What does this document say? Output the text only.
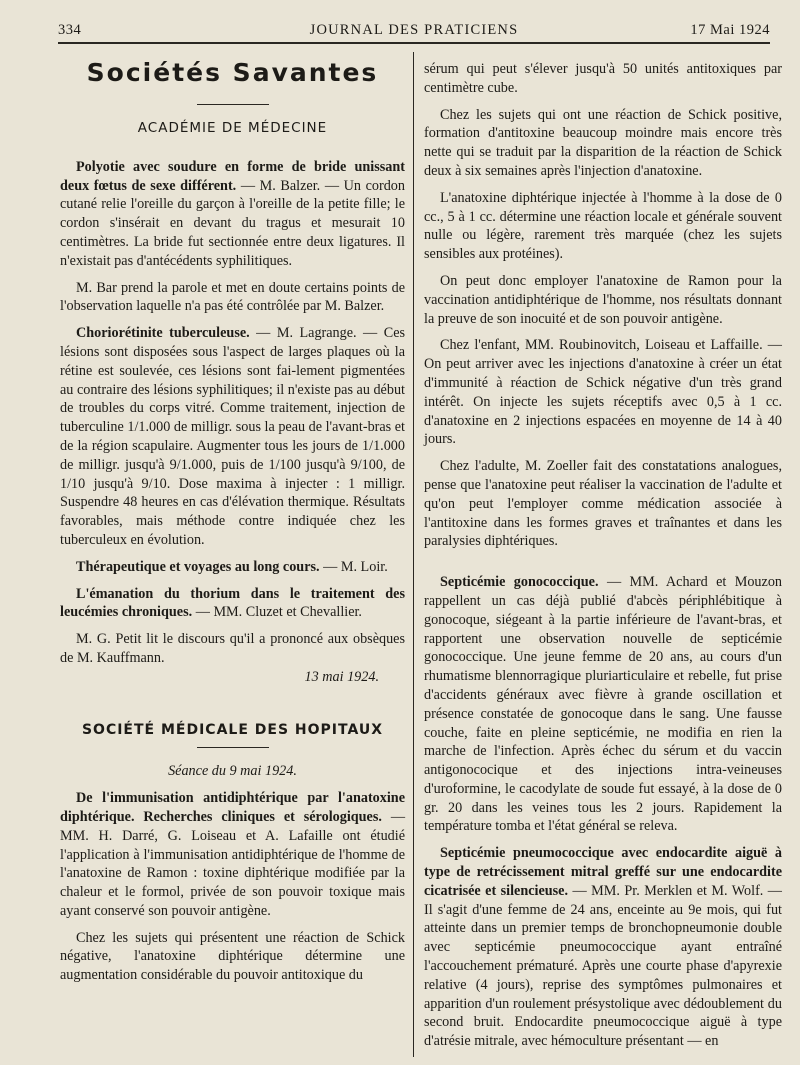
334	JOURNAL DES PRATICIENS	17 Mai 1924
Sociétés Savantes
ACADÉMIE DE MÉDECINE

Polyotie avec soudure en forme de bride unissant deux fœtus de sexe différent. — M. Balzer. — Un cordon cutané relie l'oreille du garçon à l'oreille de la petite fille; le cordon s'insérait en devant du tragus et mesurait 10 centimètres. La bride fut sectionnée entre deux ligatures. Il n'existait pas d'antécédents syphilitiques.

M. Bar prend la parole et met en doute certains points de l'observation laquelle n'a pas été contrôlée par M. Balzer.

Choriorétinite tuberculeuse. — M. Lagrange. — Ces lésions sont disposées sous l'aspect de larges plaques où la rétine est soulevée, ces lésions sont fai-lement pigmentées au contraire des lésions syphilitiques; il n'existe pas au début de troubles du corps vitré. Comme traitement, injection de tuberculine 1/1.000 de milligr. sous la peau de l'avant-bras et de la région scapulaire. Augmenter tous les jours de 1/1.000 de milligr. jusqu'à 9/1.000, puis de 1/100 jusqu'à 9/100, de 1/10 jusqu'à 9/10. Dose maxima à injecter : 1 milligr. Suspendre 48 heures en cas d'élévation thermique. Résultats favorables, mais méthode contre indiquée chez les tuberculeux en évolution.

Thérapeutique et voyages au long cours. — M. Loir.

L'émanation du thorium dans le traitement des leucémies chroniques. — MM. Cluzet et Chevallier.

M. G. Petit lit le discours qu'il a prononcé aux obsèques de M. Kauffmann.

13 mai 1924.
SOCIÉTÉ MÉDICALE DES HOPITAUX
Séance du 9 mai 1924.

De l'immunisation antidiphtérique par l'anatoxine diphtérique. Recherches cliniques et sérologiques. — MM. H. Darré, G. Loiseau et A. Lafaille ont étudié l'application à l'immunisation antidiphtérique de l'homme de l'anatoxine de Ramon : toxine diphtérique modifiée par la chaleur et le formol, privée de son pouvoir toxique mais ayant conservé son pouvoir antigène.

Chez les sujets qui présentent une réaction de Schick négative, l'anatoxine diphtérique détermine une augmentation considérable du pouvoir antitoxique du

sérum qui peut s'élever jusqu'à 50 unités antitoxiques par centimètre cube.

Chez les sujets qui ont une réaction de Schick positive, formation d'antitoxine beaucoup moindre mais encore très nette qui se traduit par la disparition de la réaction de Schick deux à six semaines après l'injection d'anatoxine.

L'anatoxine diphtérique injectée à l'homme à la dose de 0 cc., 5 à 1 cc. détermine une réaction locale et générale souvent nulle ou légère, rarement très marquée (chez les sujets sensibles aux protéines).

On peut donc employer l'anatoxine de Ramon pour la vaccination antidiphtérique de l'homme, nos résultats donnant la preuve de son inocuité et de son pouvoir antigène.

Chez l'enfant, MM. Roubinovitch, Loiseau et Laffaille. — On peut arriver avec les injections d'anatoxine à créer un état d'immunité à réaction de Schick négative d'un très grand intérêt. On injecte les sujets réceptifs avec 0,5 à 1 cc. d'anatoxine en 2 injections espacées en moyenne de 14 à 40 jours.

Chez l'adulte, M. Zoeller fait des constatations analogues, pense que l'anatoxine peut réaliser la vaccination de l'adulte et qu'on peut l'employer comme médication associée à l'antitoxine dans les formes graves et traînantes et dans les paralysies diphtériques.

Septicémie gonococcique. — MM. Achard et Mouzon rappellent un cas déjà publié d'abcès périphlébitique à gonocoque, siégeant à la partie inférieure de l'avant-bras, et rapportent une observation nouvelle de septicémie gonococcique. Une jeune femme de 20 ans, au cours d'un rhumatisme blennorragique pluriarticulaire et rebelle, fut prise d'accidents généraux avec fièvre à grande oscillation et présence constatée de gonocoque dans le sang. Une fausse couche, faite en pleine septicémie, ne modifia en rien la marche de l'infection. Après échec du sérum et du vaccin antigonococique et des injections intra-veineuses d'uroformine, le cacodylate de soude fut essayé, à la dose de 0 gr. 20 dans les veines tous les 2 jours. Rapidement la température tomba et l'état général se releva.

Septicémie pneumococcique avec endocardite aiguë à type de retrécissement mitral greffé sur une endocardite cicatrisée et silencieuse. — MM. Pr. Merklen et M. Wolf. — Il s'agit d'une femme de 24 ans, enceinte au 9e mois, qui fut atteinte dans un premier temps de bronchopneumonie double avec septicémie pneumococcique ayant entraîné l'accouchement prématuré. Après une courte phase d'apyrexie relative (4 jours), reprise des symptômes pulmonaires et apparition d'un roulement présystolique avec dédoublement du second bruit. Endocardite pneumococcique aiguë à type d'atrésie mitrale, avec hémoculture présentant — en
